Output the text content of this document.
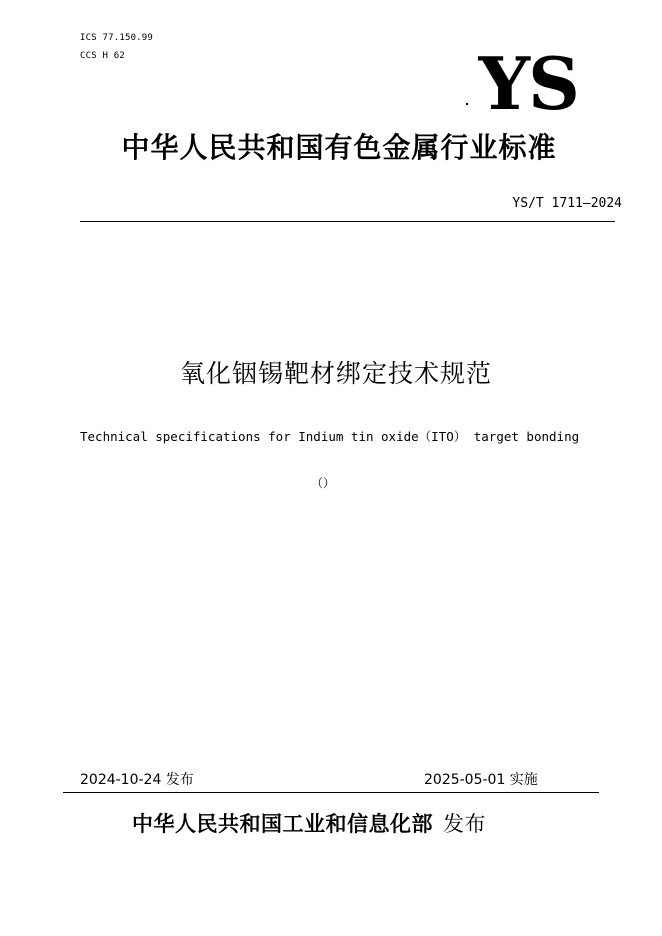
ICS 77.150.99
CCS H 62	YS
中华人民共和国有色金属行业标准
YS/T 1711—2024
氧化铟锡靶材绑定技术规范
Technical specifications for Indium tin oxide（ITO） target bonding
（）
2024-10-24 发布	2025-05-01 实施
中华人民共和国工业和信息化部 发布
